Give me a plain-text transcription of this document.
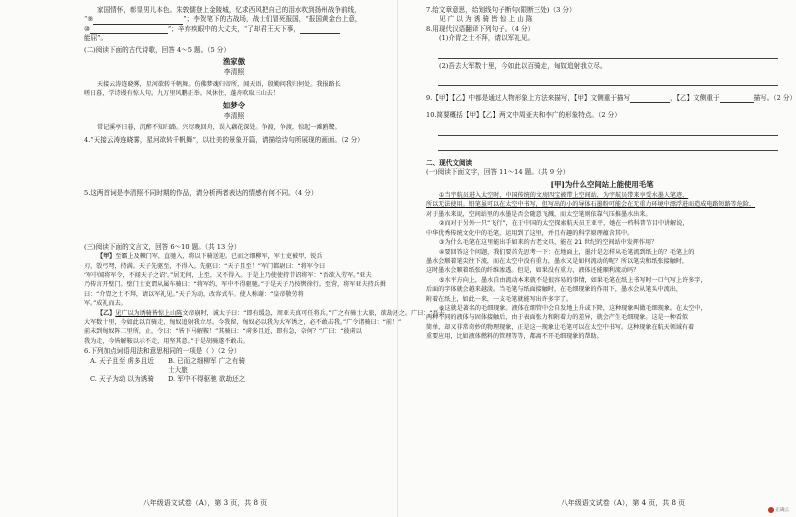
家国情怀，彰显男儿本色。朱敦儒登上金陵城，忆求西风把自己的泪水吹到扬州战争前线，

“⑨	”；李贺笔下的古战场，战士们冒死报国，“报国黄金台上意，

⑩	”；辛弃疾眼中的大丈夫，“了却君王天下事，

能屈”。

(二)阅读下面的古代诗歌，回答 4～5 题。（5 分）

渔家傲

李清照

天接云涛连晓雾，星河欲转千帆舞。仿佛梦魂归帝所，闻天语，殷勤问我归何处。我报路长

嗟日暮，学诗谩有惊人句。九万里风鹏正举。风休住，蓬舟吹取三山去！

如梦令

李清照

常记溪亭日暮，沉醉不知归路。兴尽晚回舟，误入藕花深处。争渡，争渡，惊起一滩鸥鹭。

4.“天接云涛连晓雾，星河欲转千帆舞”，以壮美的景象开篇，请描绘诗句所展现的画面。（2 分）

5.这两首词是李清照不同时期的作品，请分析两者表达的情感有何不同。（4 分）

(三)阅读下面的文言文，回答 6～10 题。（共 13 分）

【甲】至霸上及棘门军，直驰入，将以下骑送迎。已而之细柳军，军士吏被甲，锐兵

刃，彀弓弩，持满。天子先驱至，不得入。先驱曰：“天子且至！”军门都尉曰：“将军令曰

‘军中闻将军令，不闻天子之诏’。”居无何，上至，又不得入。于是上乃使使持节诏将军：“吾欲入劳军。”亚夫

乃传言开壁门。壁门士吏谓从属车骑曰：“将军约，军中不得驱驰。”于是天子乃按辔徐行。至营，将军亚夫持兵揖

曰：“介胄之士不拜，请以军礼见。”天子为动，改容式车。使人称谢：“皇帝敬劳将

军。”成礼而去。

【乙】见广以为诱骑皆惊上山陈文帝崩时，诚太子曰：“即有缓急，周亚夫真可任将兵。”广之有骑士大旅，欲劫还之。广曰：“吾去

大军数十里，今如此以百骑走，匈奴追射我立尽。今我留，匈奴必以我为大军诱之，必不敢击我。”广令诸骑曰：“前！”

前未到匈奴阵二里所，止，令曰：“皆下马解鞍！”其骑曰：“虏多且近，即有急，奈何？”广曰：“彼虏以

我为走，今皆解鞍以示不走，用坚其意。”于是胡骑遂不敢击。

6.下列加点词语用法和意思相同的一项是（ ）（2 分）

A. 天子且至 虏多且近	B. 已而之细柳军 广之有骑士大旅
C. 天子为动 以为诱骑	D. 军中不得驱驰 欲劫还之
八年级语文试卷（A），第 3 页，共 8 页

7.给文章意思，给划线句子断句(限断三处)（3 分）

见 广 以 为 诱 骑 皆 惊 上 山 陈

8.用现代汉语翻译下列句子。（4 分）

(1)介胄之士不拜，请以军礼见。

(2)吾去大军数十里，今如此以百骑走，匈奴追射我立尽。

9.【甲】【乙】中都是通过人物形象上方法来描写，【甲】文侧重于描写	，【乙】文侧重于	描写。（2 分）

10.简要概括【甲】【乙】两文中周亚夫和李广的形象特点。（2 分）

二、现代文阅读

(一)阅读下面文字，回答 11～14 题。（共 9 分）

[甲]为什么空间站上能使用毛笔

①当宇航员进入太空时，中国传统的文房四宝被带上空间站，为宇航员带来享受水墨人笔迹，

所以无法使用。铅笔虽可以在太空中书写，但写出的小的导体石墨粉可能会在无重力环境中漂浮进而造成电路短路等危险，

对于墨水来说，空间站里的水墨是否会随意飞溅，而太空笔则依靠气压推墨水出来。

②而对于另外一只“飞行”，在于中国的太空探索航天员王亚平，她在一档科普节目中讲解说，

中华优秀传统文化中的毛笔，运用到了这里，并且有趣的科学原理蕴含其中。

③为什么毛笔在这里能出手如来的古老文具，能在 21 世纪的空间站中发挥作用？

④要回答这个问题，我们要首先思考一下：在地面上，墨汁是怎样从毛笔流到纸上的？毛笔上的

墨水会顺着笔尖往下流，而在太空中没有重力，墨水又是如何流动的呢？所以笔尖和纸张接触时，

这时墨水会顺着纸张的纤维渗透。但是，如果没有重力，液体还能顺利流动吗？

⑤水平方向上，墨水自由流动本来就不是很容易的事情，如果毛笔在纸上书写时一口气写上许多字，

后面的字体就会越来越淡。当毛笔与纸面接触时，在毛细现象的作用下，墨水会从笔头中流出，

附着在纸上，如此一来，一支毛笔就能写出许多字了。

⑥这就是著名的毛细现象。液体在细管中会自发地上升或下降，这种现象叫做毛细现象。在太空中，

两种不同的液体与固体接触后，由于表面张力和附着力的差异，就会产生毛细现象。这是一种看似

简单，却又非常奇妙的物理现象，正是这一现象让毛笔可以在太空中书写。这种现象在航天领域有着

重要应用，比如液体燃料的管理等等，都离不开毛细现象的帮助。

八年级语文试卷（A），第 4 页，共 8 页
正确云
